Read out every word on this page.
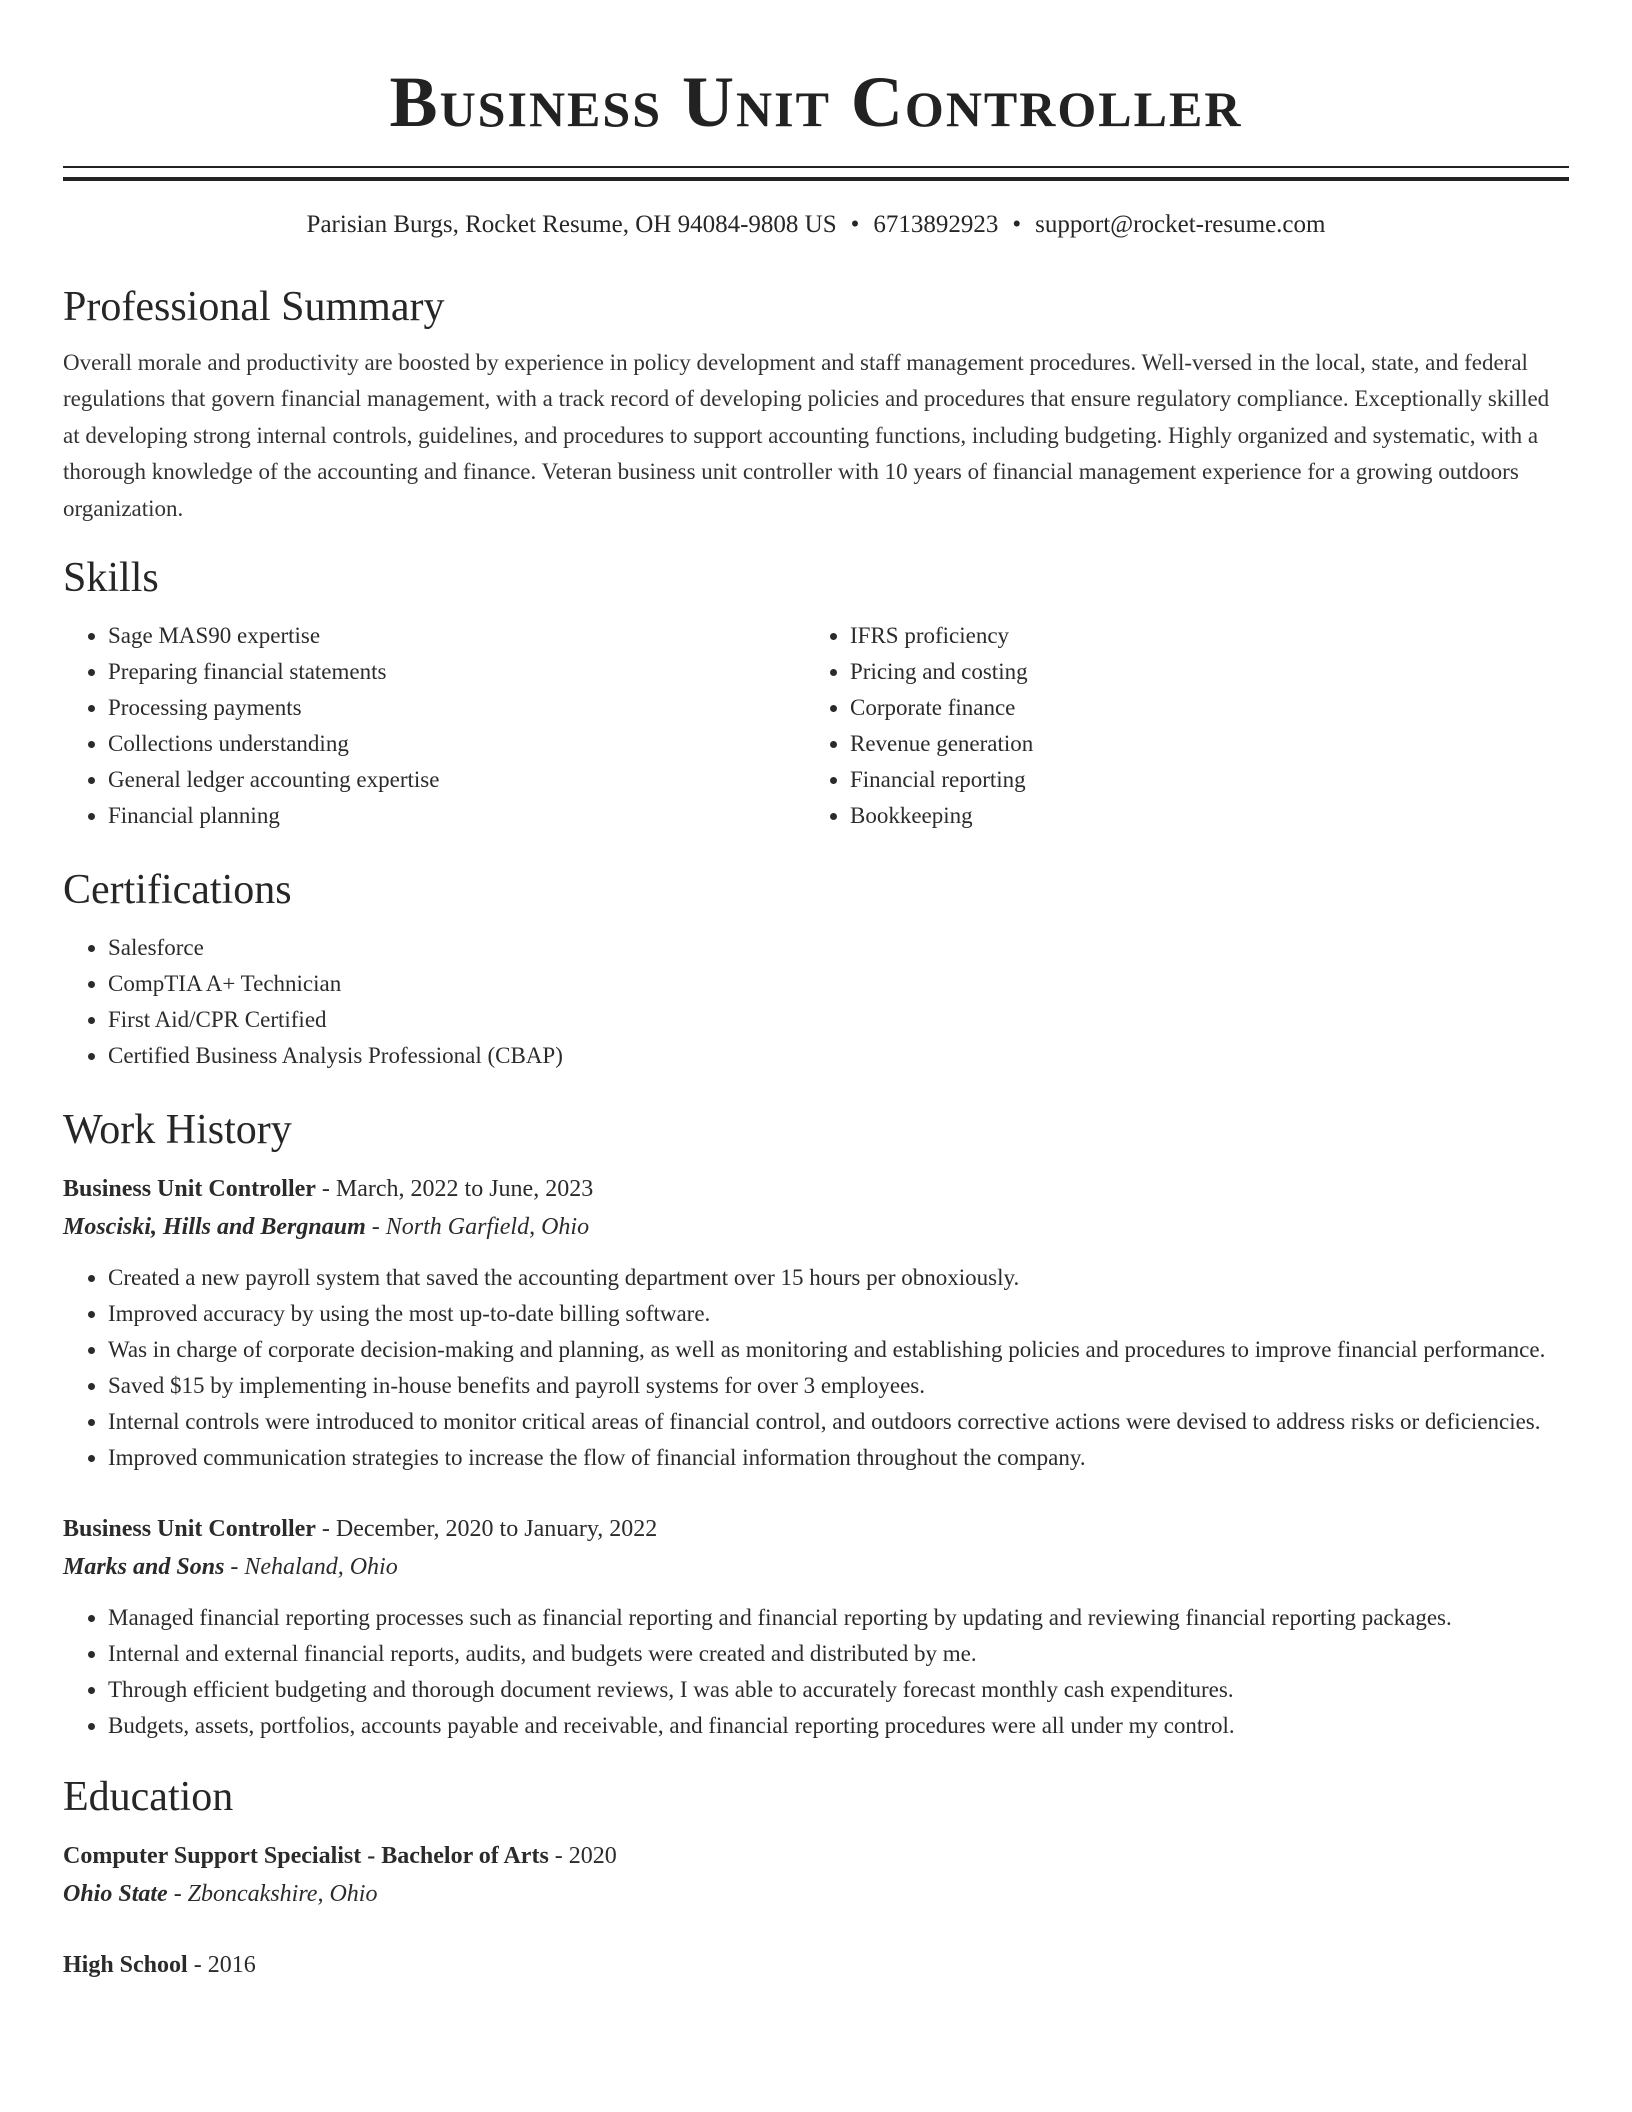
Business Unit Controller
Parisian Burgs, Rocket Resume, OH 94084-9808 US • 6713892923 • support@rocket-resume.com
Professional Summary

Overall morale and productivity are boosted by experience in policy development and staff management procedures. Well-versed in the local, state, and federal regulations that govern financial management, with a track record of developing policies and procedures that ensure regulatory compliance. Exceptionally skilled at developing strong internal controls, guidelines, and procedures to support accounting functions, including budgeting. Highly organized and systematic, with a thorough knowledge of the accounting and finance. Veteran business unit controller with 10 years of financial management experience for a growing outdoors organization.

Skills
• Sage MAS90 expertise
• Preparing financial statements
• Processing payments
• Collections understanding
• General ledger accounting expertise
• Financial planning
• IFRS proficiency
• Pricing and costing
• Corporate finance
• Revenue generation
• Financial reporting
• Bookkeeping
Certifications
• Salesforce
• CompTIA A+ Technician
• First Aid/CPR Certified
• Certified Business Analysis Professional (CBAP)
Work History
Business Unit Controller - March, 2022 to June, 2023
Mosciski, Hills and Bergnaum - North Garfield, Ohio
• Created a new payroll system that saved the accounting department over 15 hours per obnoxiously.
• Improved accuracy by using the most up-to-date billing software.
• Was in charge of corporate decision-making and planning, as well as monitoring and establishing policies and procedures to improve financial performance.
• Saved $15 by implementing in-house benefits and payroll systems for over 3 employees.
• Internal controls were introduced to monitor critical areas of financial control, and outdoors corrective actions were devised to address risks or deficiencies.
• Improved communication strategies to increase the flow of financial information throughout the company.
Business Unit Controller - December, 2020 to January, 2022
Marks and Sons - Nehaland, Ohio
• Managed financial reporting processes such as financial reporting and financial reporting by updating and reviewing financial reporting packages.
• Internal and external financial reports, audits, and budgets were created and distributed by me.
• Through efficient budgeting and thorough document reviews, I was able to accurately forecast monthly cash expenditures.
• Budgets, assets, portfolios, accounts payable and receivable, and financial reporting procedures were all under my control.
Education
Computer Support Specialist - Bachelor of Arts - 2020
Ohio State - Zboncakshire, Ohio
High School - 2016
